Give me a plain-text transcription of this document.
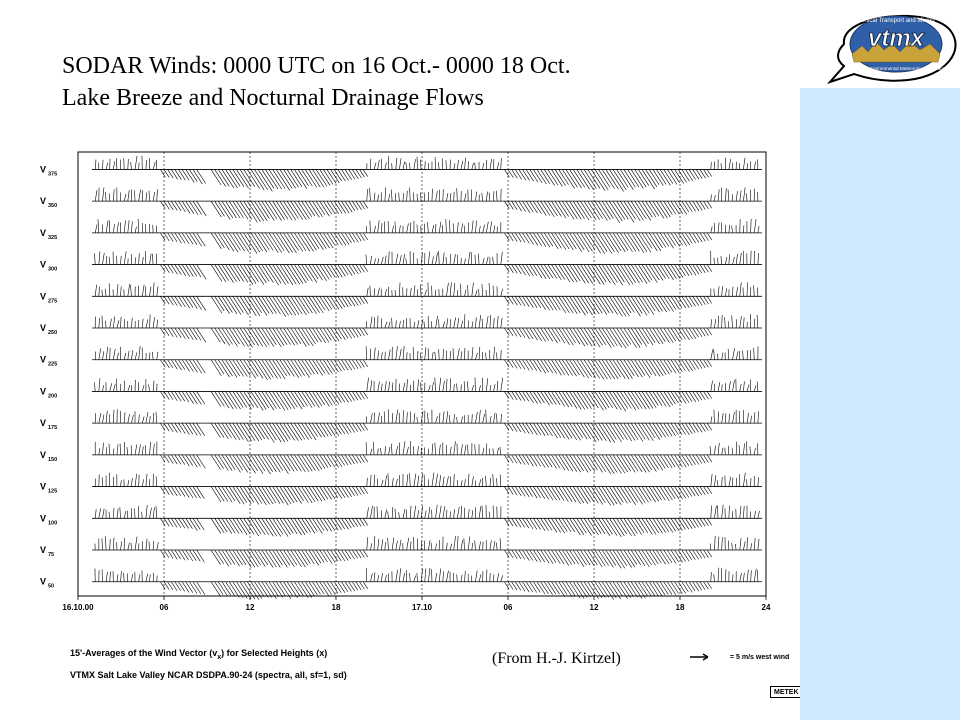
vtmx
Vertical Transport and Mixing
U.S. DOE Environmental Meteorology Program
SODAR Winds: 0000 UTC on 16 Oct.- 0000 18 Oct.
Lake Breeze and Nocturnal Drainage Flows
V 375
V 350
V 325
V 300
V 275
V 250
V 225
V 200
V 175
V 150
V 125
V 100
V 75
V 50
16.10.00	06	12	18	17.10	06	12	18	24
15'-Averages of the Wind Vector $(v_x)$ for Selected Heights (x)
VTMX Salt Lake Valley NCAR DSDPA.90-24 (spectra, all, sf=1, sd)
(From H.-J. Kirtzel)	= 5 m/s west wind
METEK
